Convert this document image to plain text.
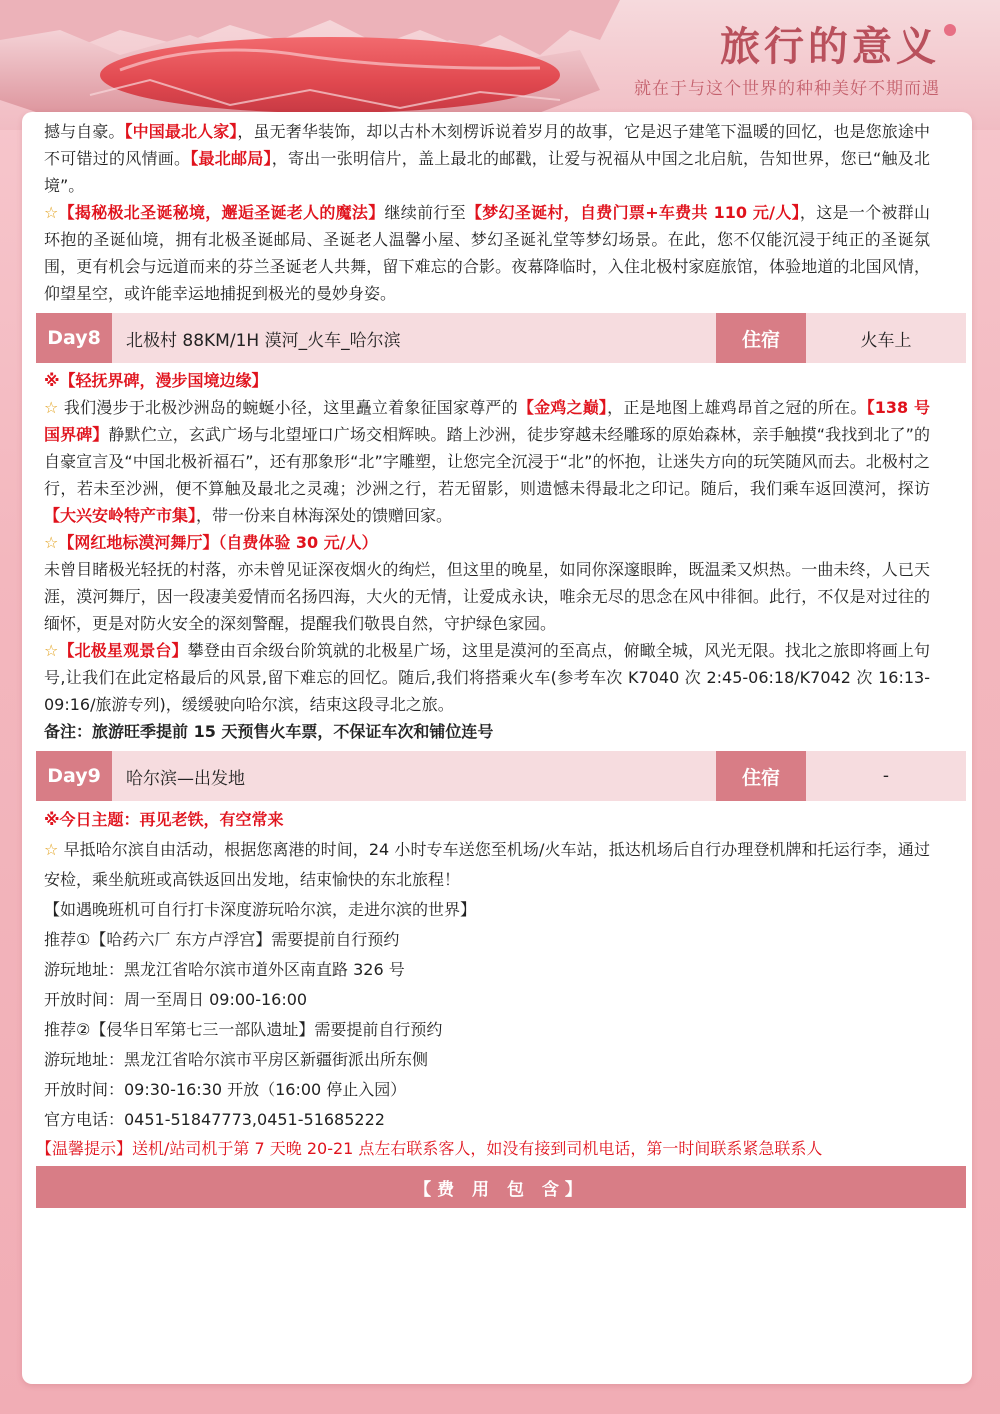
旅行的意义
就在于与这个世界的种种美好不期而遇

撼与自豪。【中国最北人家】，虽无奢华装饰，却以古朴木刻楞诉说着岁月的故事，它是迟子建笔下温暖的回忆，也是您旅途中不可错过的风情画。【最北邮局】，寄出一张明信片，盖上最北的邮戳，让爱与祝福从中国之北启航，告知世界，您已“触及北境”。

☆【揭秘极北圣诞秘境，邂逅圣诞老人的魔法】继续前行至【梦幻圣诞村，自费门票+车费共 110 元/人】，这是一个被群山环抱的圣诞仙境，拥有北极圣诞邮局、圣诞老人温馨小屋、梦幻圣诞礼堂等梦幻场景。在此，您不仅能沉浸于纯正的圣诞氛围，更有机会与远道而来的芬兰圣诞老人共舞，留下难忘的合影。夜幕降临时，入住北极村家庭旅馆，体验地道的北国风情，仰望星空，或许能幸运地捕捉到极光的曼妙身姿。

Day8	北极村 88KM/1H 漠河_火车_哈尔滨	住宿	火车上

※【轻抚界碑，漫步国境边缘】

☆ 我们漫步于北极沙洲岛的蜿蜒小径，这里矗立着象征国家尊严的【金鸡之巅】，正是地图上雄鸡昂首之冠的所在。【138 号国界碑】静默伫立，玄武广场与北望垭口广场交相辉映。踏上沙洲，徒步穿越未经雕琢的原始森林，亲手触摸“我找到北了”的自豪宣言及“中国北极祈福石”，还有那象形“北”字雕塑，让您完全沉浸于“北”的怀抱，让迷失方向的玩笑随风而去。北极村之行，若未至沙洲，便不算触及最北之灵魂；沙洲之行，若无留影，则遗憾未得最北之印记。随后，我们乘车返回漠河，探访【大兴安岭特产市集】，带一份来自林海深处的馈赠回家。

☆【网红地标漠河舞厅】（自费体验 30 元/人）
未曾目睹极光轻抚的村落，亦未曾见证深夜烟火的绚烂，但这里的晚星，如同你深邃眼眸，既温柔又炽热。一曲未终，人已天涯，漠河舞厅，因一段凄美爱情而名扬四海，大火的无情，让爱成永诀，唯余无尽的思念在风中徘徊。此行，不仅是对过往的缅怀，更是对防火安全的深刻警醒，提醒我们敬畏自然，守护绿色家园。

☆【北极星观景台】攀登由百余级台阶筑就的北极星广场，这里是漠河的至高点，俯瞰全城，风光无限。找北之旅即将画上句号,让我们在此定格最后的风景,留下难忘的回忆。随后,我们将搭乘火车(参考车次 K7040 次 2:45-06:18/K7042 次 16:13-09:16/旅游专列)，缓缓驶向哈尔滨，结束这段寻北之旅。

备注：旅游旺季提前 15 天预售火车票，不保证车次和铺位连号

Day9	哈尔滨—出发地	住宿	-

※今日主题：再见老铁，有空常来

☆ 早抵哈尔滨自由活动，根据您离港的时间，24 小时专车送您至机场/火车站，抵达机场后自行办理登机牌和托运行李，通过安检，乘坐航班或高铁返回出发地，结束愉快的东北旅程！

【如遇晚班机可自行打卡深度游玩哈尔滨，走进尔滨的世界】

推荐①【哈药六厂 东方卢浮宫】需要提前自行预约

游玩地址：黑龙江省哈尔滨市道外区南直路 326 号

开放时间：周一至周日 09:00-16:00

推荐②【侵华日军第七三一部队遗址】需要提前自行预约

游玩地址：黑龙江省哈尔滨市平房区新疆街派出所东侧

开放时间：09:30-16:30 开放（16:00 停止入园）

官方电话：0451-51847773,0451-51685222

【温馨提示】送机/站司机于第 7 天晚 20-21 点左右联系客人，如没有接到司机电话，第一时间联系紧急联系人
【费 用 包 含】
